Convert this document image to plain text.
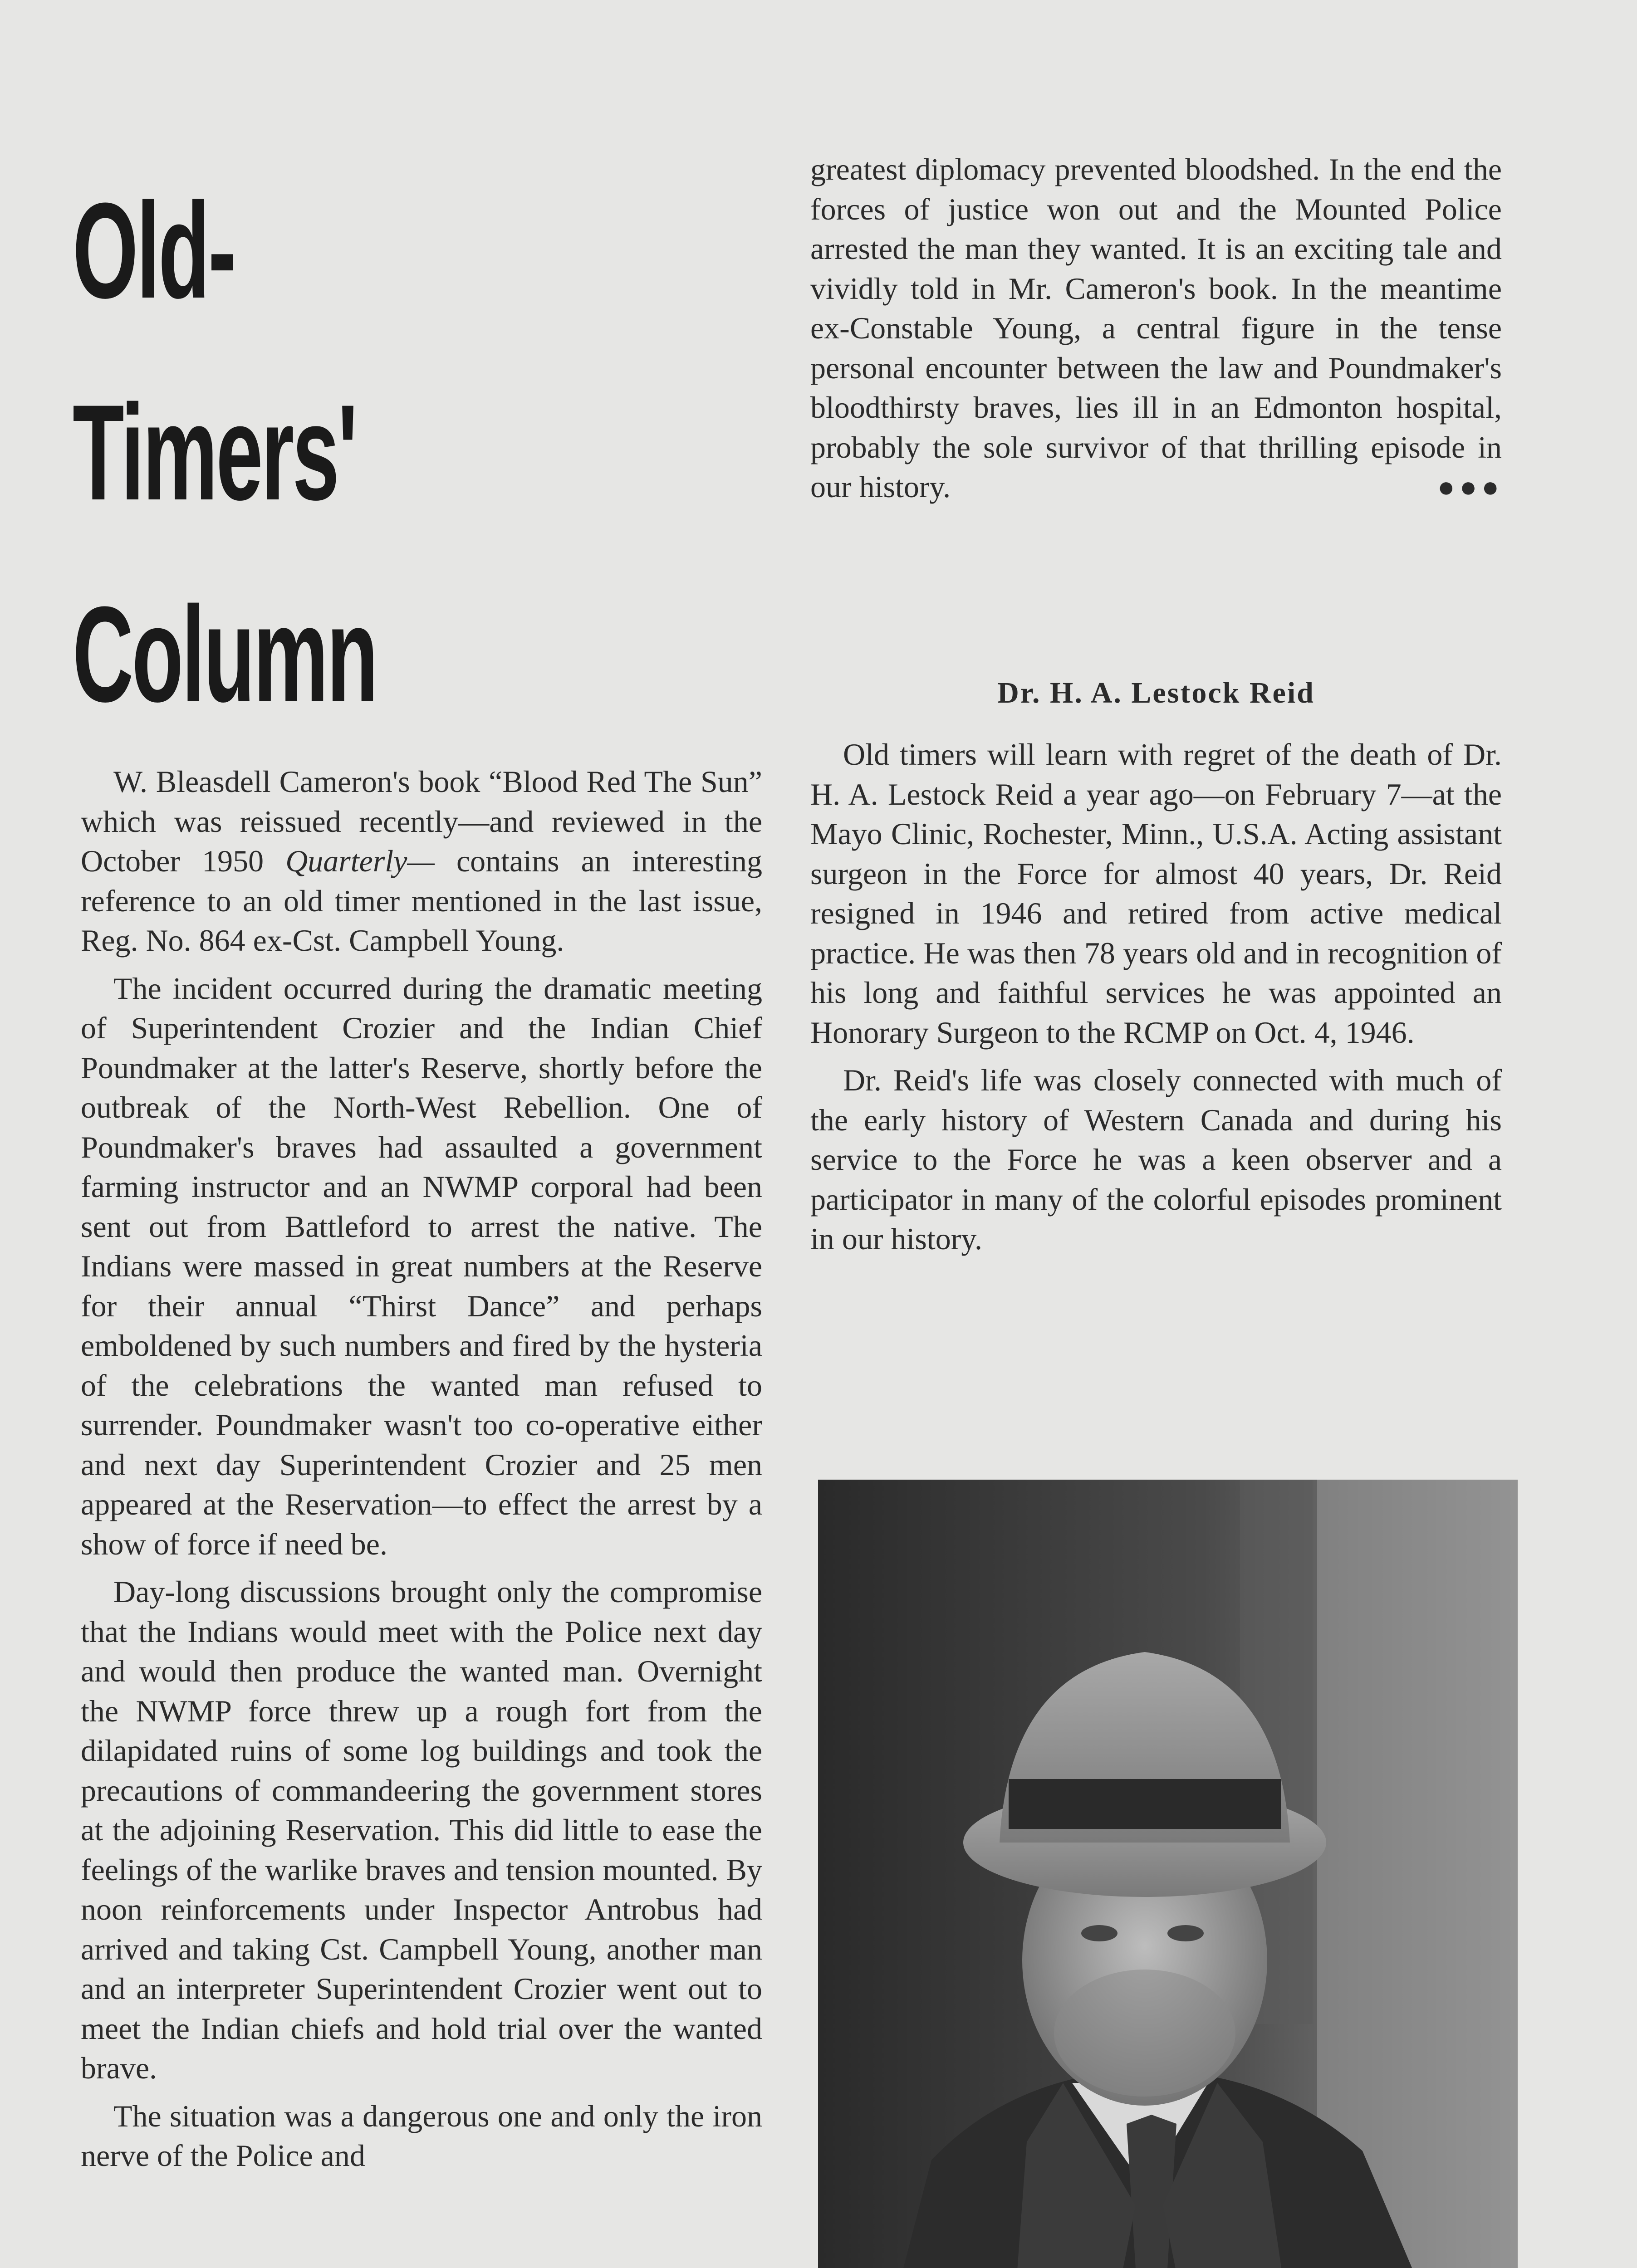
Old-
Timers'
Column

W. Bleasdell Cameron's book “Blood Red The Sun” which was reissued recently—and reviewed in the October 1950 Quarterly— contains an interesting reference to an old timer mentioned in the last issue, Reg. No. 864 ex-Cst. Campbell Young.

The incident occurred during the dramatic meeting of Superintendent Crozier and the Indian Chief Poundmaker at the latter's Reserve, shortly before the outbreak of the North-West Rebellion. One of Poundmaker's braves had assaulted a government farming instructor and an NWMP corporal had been sent out from Battleford to arrest the native. The Indians were massed in great numbers at the Reserve for their annual “Thirst Dance” and perhaps emboldened by such numbers and fired by the hysteria of the celebrations the wanted man refused to surrender. Poundmaker wasn't too co-operative either and next day Superintendent Crozier and 25 men appeared at the Reservation—to effect the arrest by a show of force if need be.

Day-long discussions brought only the compromise that the Indians would meet with the Police next day and would then produce the wanted man. Overnight the NWMP force threw up a rough fort from the dilapidated ruins of some log buildings and took the precautions of commandeering the government stores at the adjoining Reservation. This did little to ease the feelings of the warlike braves and tension mounted. By noon reinforcements under Inspector Antrobus had arrived and taking Cst. Campbell Young, another man and an interpreter Superintendent Crozier went out to meet the Indian chiefs and hold trial over the wanted brave.

The situation was a dangerous one and only the iron nerve of the Police and

greatest diplomacy prevented bloodshed. In the end the forces of justice won out and the Mounted Police arrested the man they wanted. It is an exciting tale and vividly told in Mr. Cameron's book. In the meantime ex-Constable Young, a central figure in the tense personal encounter between the law and Poundmaker's bloodthirsty braves, lies ill in an Edmonton hospital, probably the sole survivor of that thrilling episode in our history.	●●●

Dr. H. A. Lestock Reid

Old timers will learn with regret of the death of Dr. H. A. Lestock Reid a year ago—on February 7—at the Mayo Clinic, Rochester, Minn., U.S.A. Acting assistant surgeon in the Force for almost 40 years, Dr. Reid resigned in 1946 and retired from active medical practice. He was then 78 years old and in recognition of his long and faithful services he was appointed an Honorary Surgeon to the RCMP on Oct. 4, 1946.

Dr. Reid's life was closely connected with much of the early history of Western Canada and during his service to the Force he was a keen observer and a participator in many of the colorful episodes prominent in our history.
